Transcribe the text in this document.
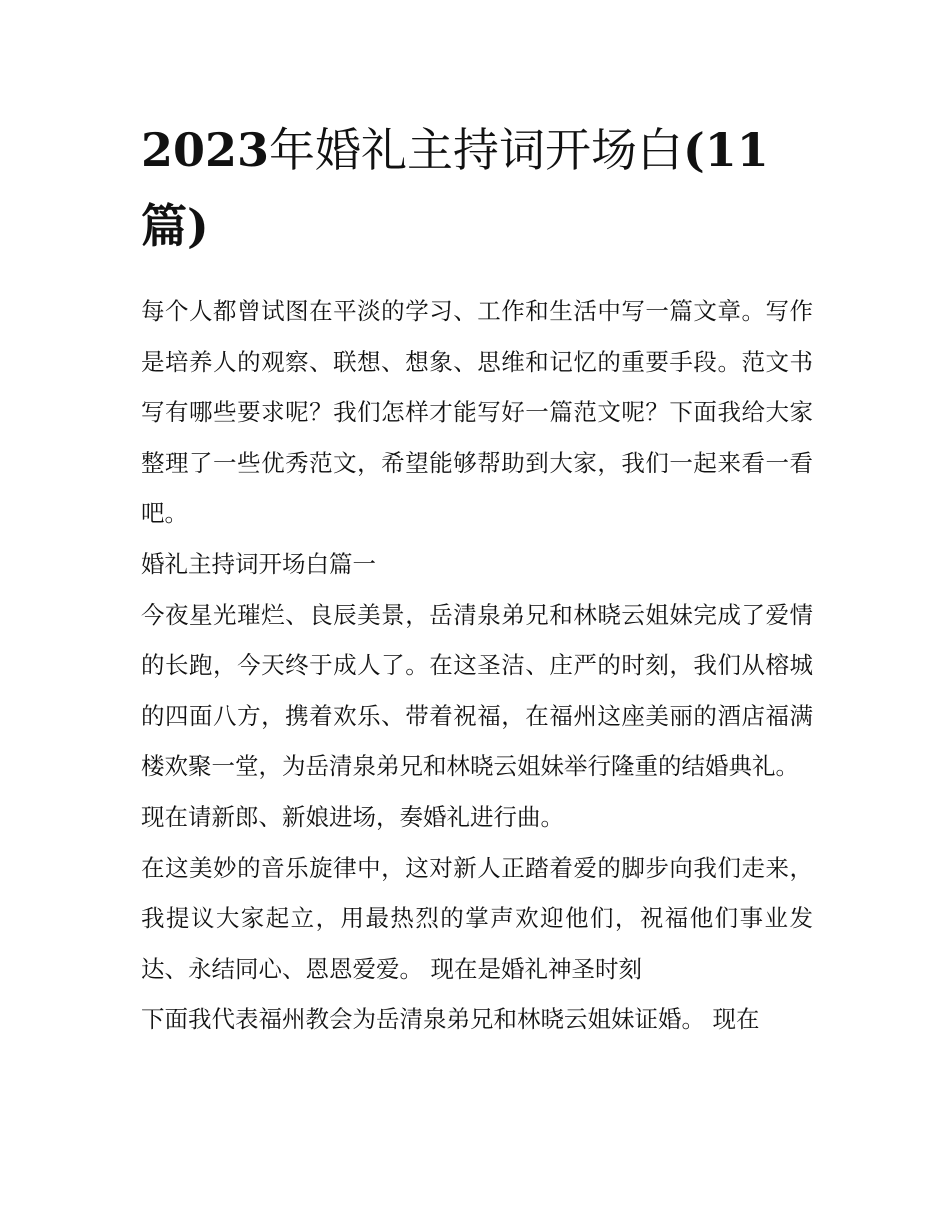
2023年婚礼主持词开场白(11篇)

每个人都曾试图在平淡的学习、工作和生活中写一篇文章。写作是培养人的观察、联想、想象、思维和记忆的重要手段。范文书写有哪些要求呢？我们怎样才能写好一篇范文呢？下面我给大家整理了一些优秀范文，希望能够帮助到大家，我们一起来看一看吧。

婚礼主持词开场白篇一

今夜星光璀烂、良辰美景，岳清泉弟兄和林晓云姐妹完成了爱情的长跑，今天终于成人了。在这圣洁、庄严的时刻，我们从榕城的四面八方，携着欢乐、带着祝福，在福州这座美丽的酒店福满楼欢聚一堂，为岳清泉弟兄和林晓云姐妹举行隆重的结婚典礼。

现在请新郎、新娘进场，奏婚礼进行曲。

在这美妙的音乐旋律中，这对新人正踏着爱的脚步向我们走来，我提议大家起立，用最热烈的掌声欢迎他们，祝福他们事业发达、永结同心、恩恩爱爱。 现在是婚礼神圣时刻

下面我代表福州教会为岳清泉弟兄和林晓云姐妹证婚。 现在
